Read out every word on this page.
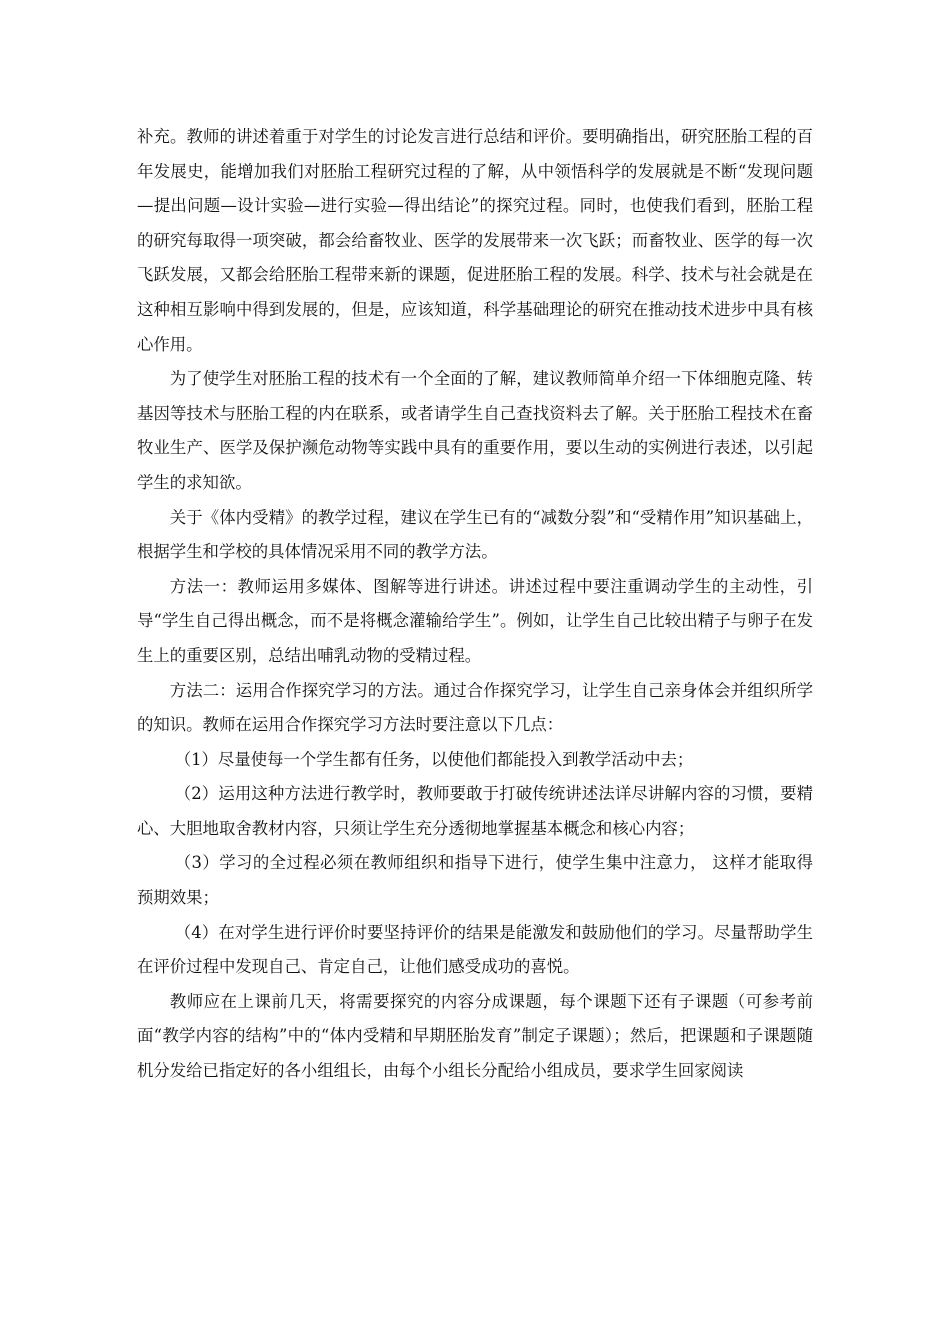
补充。教师的讲述着重于对学生的讨论发言进行总结和评价。要明确指出，研究胚胎工程的百年发展史，能增加我们对胚胎工程研究过程的了解，从中领悟科学的发展就是不断“发现问题—提出问题—设计实验—进行实验—得出结论”的探究过程。同时，也使我们看到，胚胎工程的研究每取得一项突破，都会给畜牧业、医学的发展带来一次飞跃；而畜牧业、医学的每一次飞跃发展，又都会给胚胎工程带来新的课题，促进胚胎工程的发展。科学、技术与社会就是在这种相互影响中得到发展的，但是，应该知道，科学基础理论的研究在推动技术进步中具有核心作用。

为了使学生对胚胎工程的技术有一个全面的了解，建议教师简单介绍一下体细胞克隆、转基因等技术与胚胎工程的内在联系，或者请学生自己查找资料去了解。关于胚胎工程技术在畜牧业生产、医学及保护濒危动物等实践中具有的重要作用，要以生动的实例进行表述，以引起学生的求知欲。

关于《体内受精》的教学过程，建议在学生已有的“减数分裂”和“受精作用”知识基础上，根据学生和学校的具体情况采用不同的教学方法。

方法一：教师运用多媒体、图解等进行讲述。讲述过程中要注重调动学生的主动性，引导“学生自己得出概念，而不是将概念灌输给学生”。例如，让学生自己比较出精子与卵子在发生上的重要区别，总结出哺乳动物的受精过程。

方法二：运用合作探究学习的方法。通过合作探究学习，让学生自己亲身体会并组织所学的知识。教师在运用合作探究学习方法时要注意以下几点：

（1）尽量使每一个学生都有任务，以使他们都能投入到教学活动中去；

（2）运用这种方法进行教学时，教师要敢于打破传统讲述法详尽讲解内容的习惯，要精心、大胆地取舍教材内容，只须让学生充分透彻地掌握基本概念和核心内容；

（3）学习的全过程必须在教师组织和指导下进行，使学生集中注意力， 这样才能取得预期效果；

（4）在对学生进行评价时要坚持评价的结果是能激发和鼓励他们的学习。尽量帮助学生在评价过程中发现自己、肯定自己，让他们感受成功的喜悦。

教师应在上课前几天，将需要探究的内容分成课题，每个课题下还有子课题（可参考前面“教学内容的结构”中的“体内受精和早期胚胎发育”制定子课题）；然后，把课题和子课题随机分发给已指定好的各小组组长，由每个小组长分配给小组成员，要求学生回家阅读
